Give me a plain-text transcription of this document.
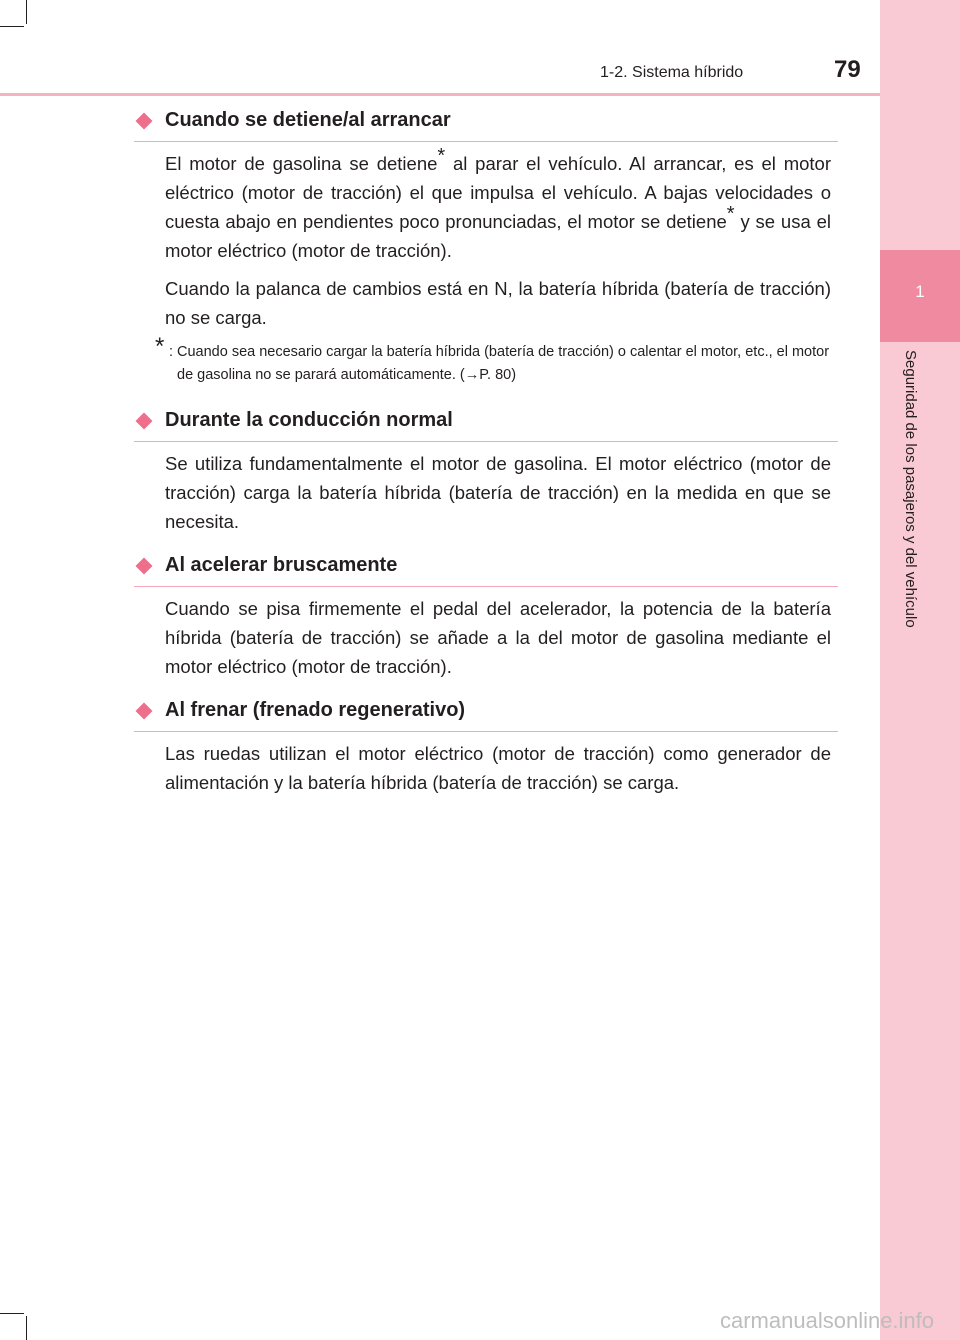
1
Seguridad de los pasajeros y del vehículo
1-2. Sistema híbrido	79
Cuando se detiene/al arrancar
El motor de gasolina se detiene* al parar el vehículo. Al arrancar, es el motor eléctrico (motor de tracción) el que impulsa el vehículo. A bajas velocidades o cuesta abajo en pendientes poco pronunciadas, el motor se detiene* y se usa el motor eléctrico (motor de tracción).
Cuando la palanca de cambios está en N, la batería híbrida (batería de tracción) no se carga.
* : Cuando sea necesario cargar la batería híbrida (batería de tracción) o calentar el motor, etc., el motor de gasolina no se parará automáticamente. (→P. 80)
Durante la conducción normal
Se utiliza fundamentalmente el motor de gasolina. El motor eléctrico (motor de tracción) carga la batería híbrida (batería de tracción) en la medida en que se necesita.
Al acelerar bruscamente
Cuando se pisa firmemente el pedal del acelerador, la potencia de la batería híbrida (batería de tracción) se añade a la del motor de gasolina mediante el motor eléctrico (motor de tracción).
Al frenar (frenado regenerativo)
Las ruedas utilizan el motor eléctrico (motor de tracción) como generador de alimentación y la batería híbrida (batería de tracción) se carga.
carmanualsonline.info
